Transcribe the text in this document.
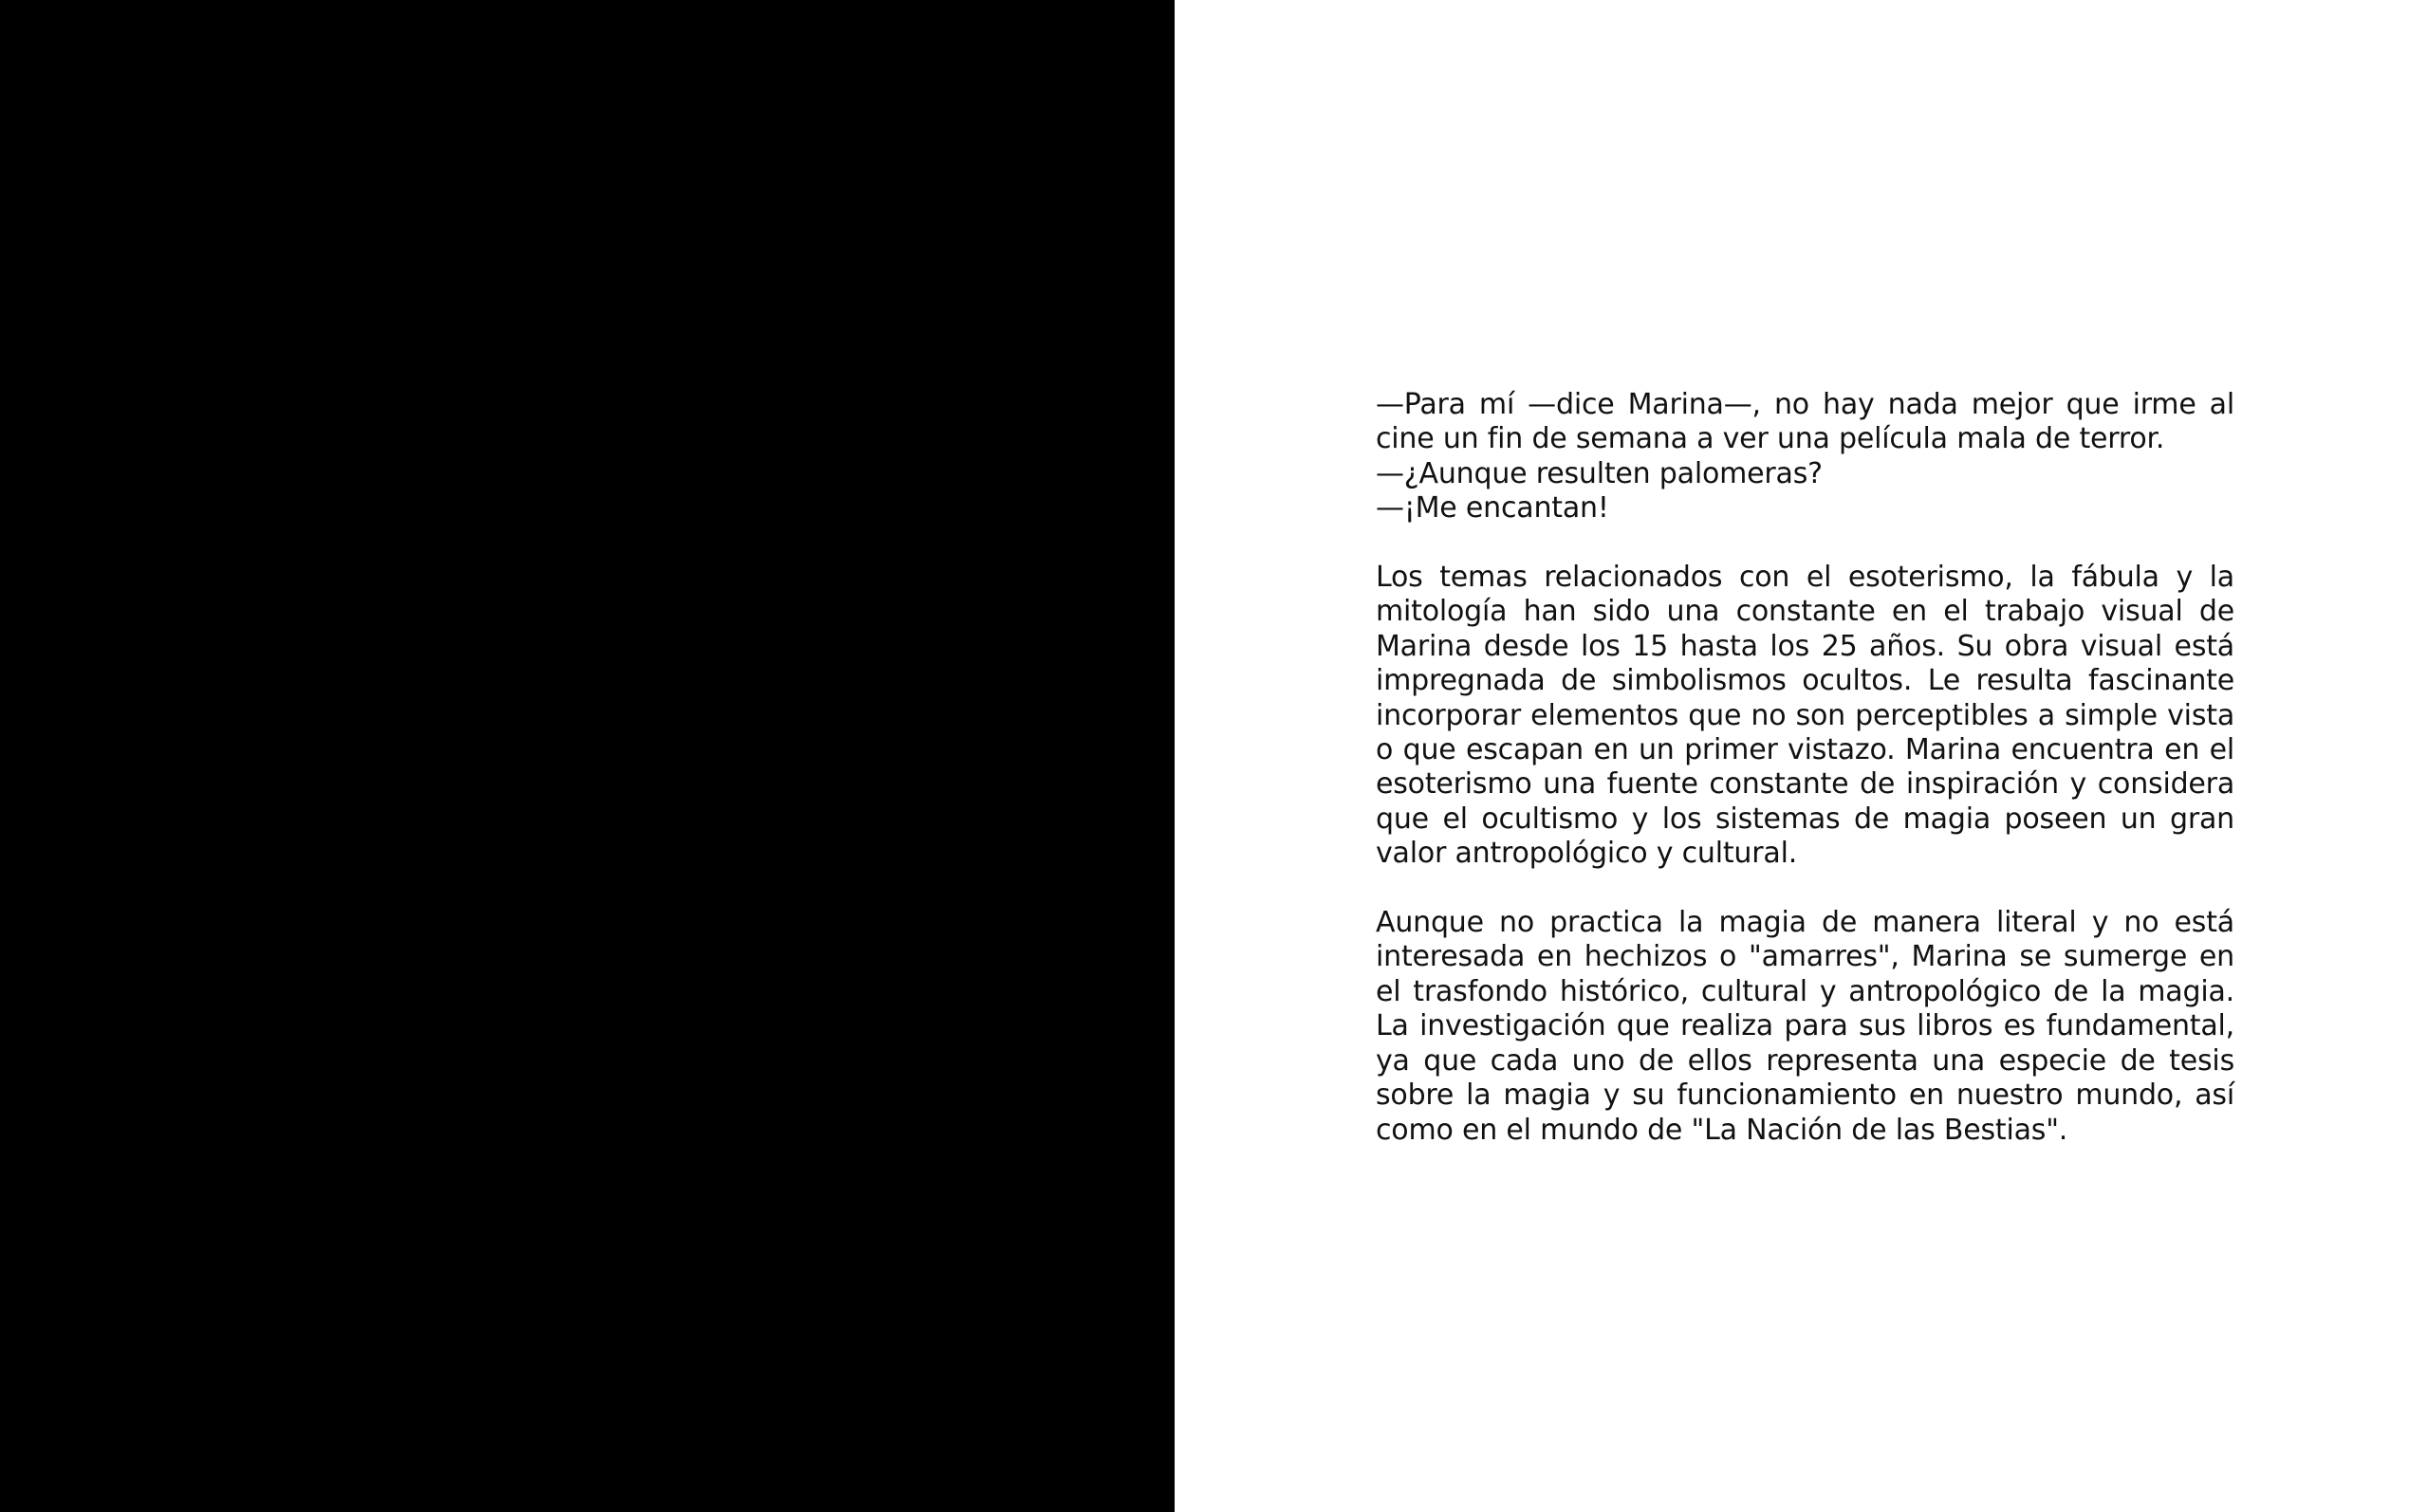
—Para mí —dice Marina—, no hay nada mejor que irme al cine un fin de semana a ver una película mala de terror.

—¿Aunque resulten palomeras?

—¡Me encantan!

Los temas relacionados con el esoterismo, la fábula y la mitología han sido una constante en el trabajo visual de Marina desde los 15 hasta los 25 años. Su obra visual está impregnada de simbolismos ocultos. Le resulta fascinante incorporar elementos que no son perceptibles a simple vista o que escapan en un primer vistazo. Marina encuentra en el esoterismo una fuente constante de inspiración y considera que el ocultismo y los sistemas de magia poseen un gran valor antropológico y cultural.

Aunque no practica la magia de manera literal y no está interesada en hechizos o "amarres", Marina se sumerge en el trasfondo histórico, cultural y antropológico de la magia. La investigación que realiza para sus libros es fundamental, ya que cada uno de ellos representa una especie de tesis sobre la magia y su funcionamiento en nuestro mundo, así como en el mundo de "La Nación de las Bestias".
